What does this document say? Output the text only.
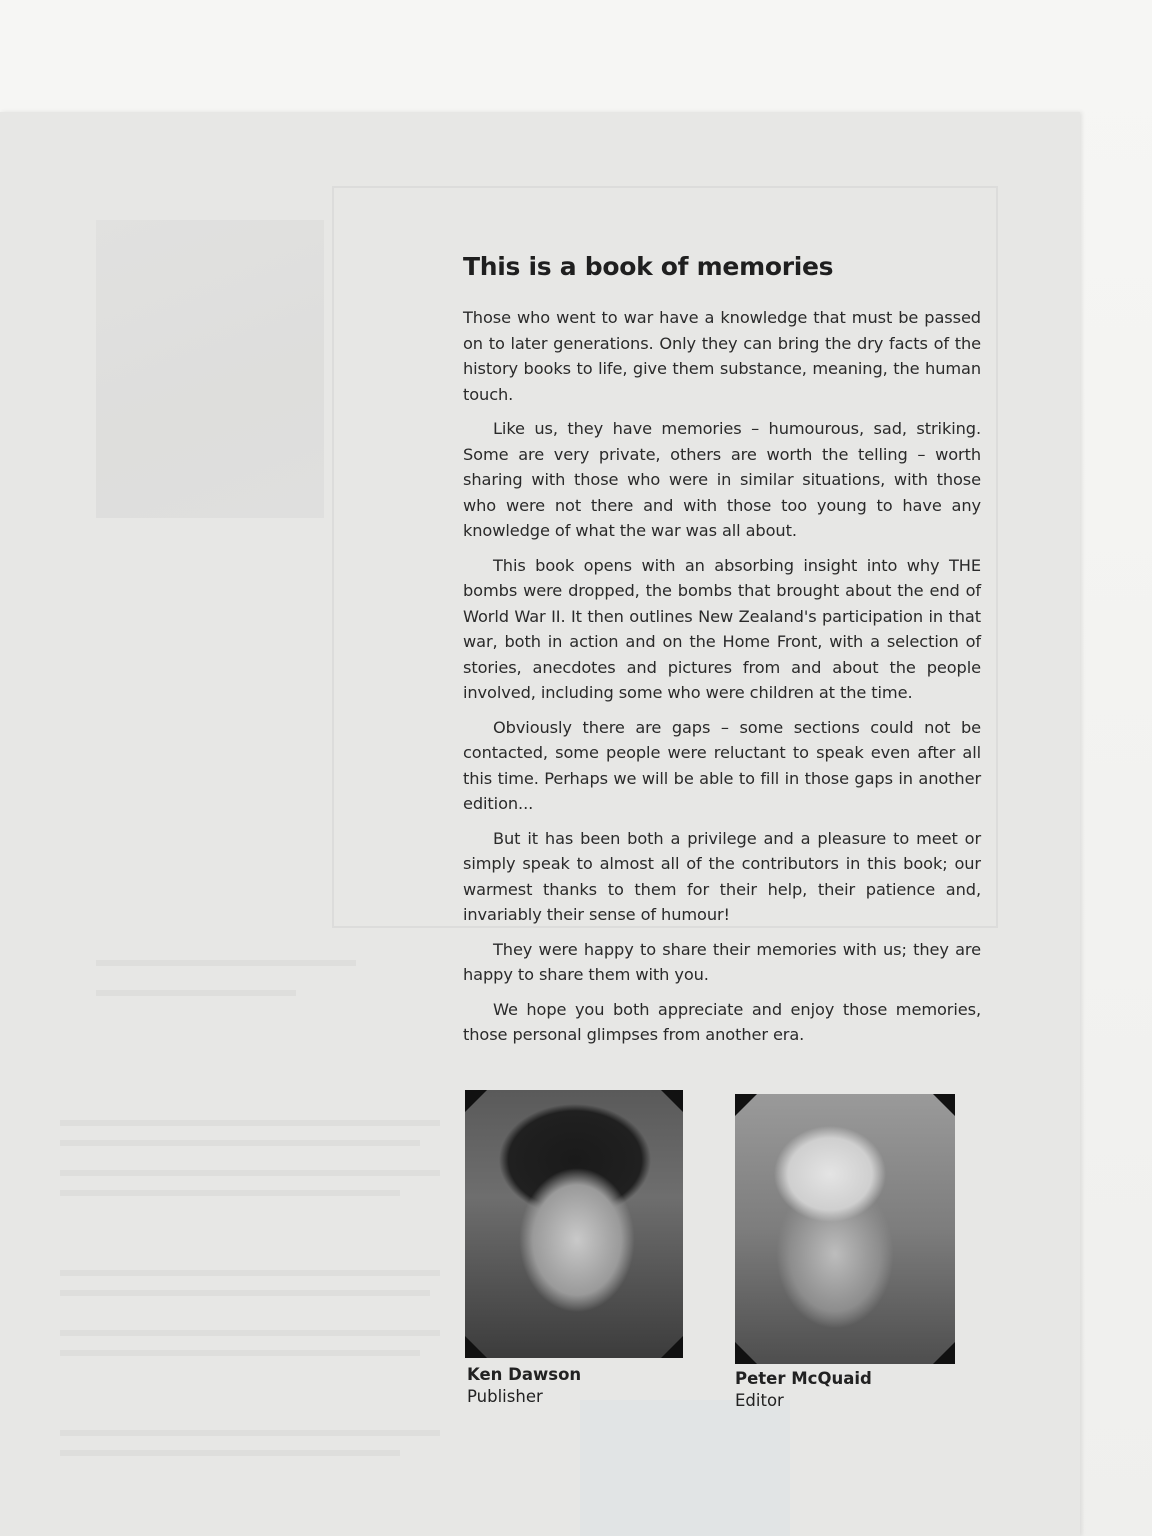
This is a book of memories

Those who went to war have a knowledge that must be passed on to later generations. Only they can bring the dry facts of the history books to life, give them substance, meaning, the human touch.

Like us, they have memories – humourous, sad, striking. Some are very private, others are worth the telling – worth sharing with those who were in similar situations, with those who were not there and with those too young to have any knowledge of what the war was all about.

This book opens with an absorbing insight into why THE bombs were dropped, the bombs that brought about the end of World War II. It then outlines New Zealand's participation in that war, both in action and on the Home Front, with a selection of stories, anecdotes and pictures from and about the people involved, including some who were children at the time.

Obviously there are gaps – some sections could not be contacted, some people were reluctant to speak even after all this time. Perhaps we will be able to fill in those gaps in another edition...

But it has been both a privilege and a pleasure to meet or simply speak to almost all of the contributors in this book; our warmest thanks to them for their help, their patience and, invariably their sense of humour!

They were happy to share their memories with us; they are happy to share them with you.

We hope you both appreciate and enjoy those memories, those personal glimpses from another era.

Ken Dawson
Publisher
Peter McQuaid
Editor
